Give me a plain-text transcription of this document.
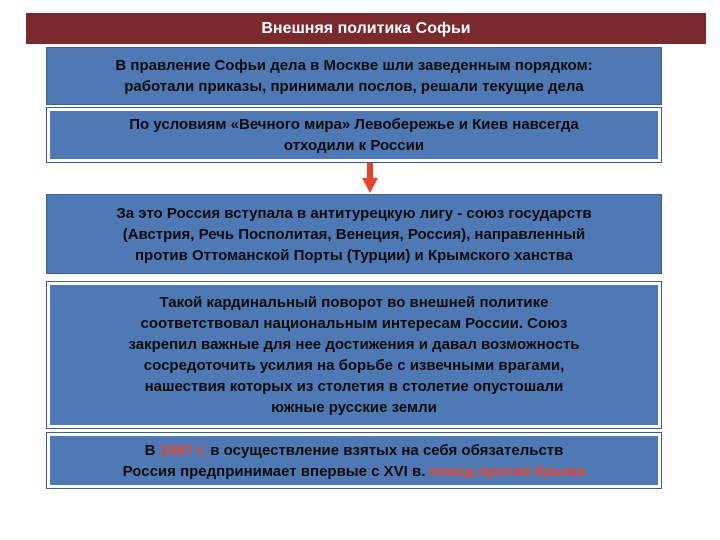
Внешняя политика Софьи

В правление Софьи дела в Москве шли заведенным порядком:
работали приказы, принимали послов, решали текущие дела

По условиям «Вечного мира» Левобережье и Киев навсегда
отходили к России

За это Россия вступала в антитурецкую лигу - союз государств
(Австрия, Речь Посполитая, Венеция, Россия), направленный
против Оттоманской Порты (Турции) и Крымского ханства

Такой кардинальный поворот во внешней политике
соответствовал национальным интересам России. Союз
закрепил важные для нее достижения и давал возможность
сосредоточить усилия на борьбе с извечными врагами,
нашествия которых из столетия в столетие опустошали
южные русские земли

В 1687 г. в осуществление взятых на себя обязательств
Россия предпринимает впервые с XVI в. поход против Крыма
